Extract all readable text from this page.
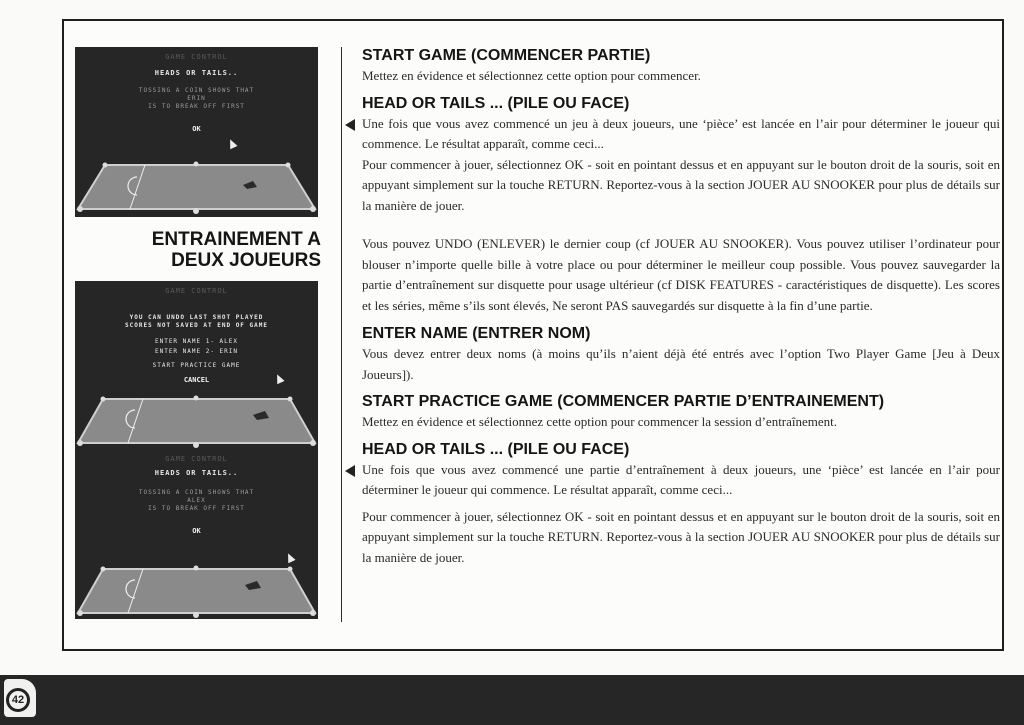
GAME CONTROL
HEADS OR TAILS..
TOSSING A COIN SHOWS THAT
ERIN
IS TO BREAK OFF FIRST
OK
ENTRAINEMENT A
DEUX JOUEURS
GAME CONTROL
YOU CAN UNDO LAST SHOT PLAYED
SCORES NOT SAVED AT END OF GAME
ENTER NAME 1- ALEX
ENTER NAME 2- ERIN
START PRACTICE GAME
CANCEL
GAME CONTROL
HEADS OR TAILS..
TOSSING A COIN SHOWS THAT
ALEX
IS TO BREAK OFF FIRST
OK
START GAME (COMMENCER PARTIE)

Mettez en évidence et sélectionnez cette option pour commencer.

HEAD OR TAILS ... (PILE OU FACE)

Une fois que vous avez commencé un jeu à deux joueurs, une ‘pièce’ est lancée en l’air pour déterminer le joueur qui commence. Le résultat apparaît, comme ceci...

Pour commencer à jouer, sélectionnez OK - soit en pointant dessus et en appuyant sur le bouton droit de la souris, soit en appuyant simplement sur la touche RETURN. Reportez-vous à la section JOUER AU SNOOKER pour plus de détails sur la manière de jouer.

Vous pouvez UNDO (ENLEVER) le dernier coup (cf JOUER AU SNOOKER). Vous pouvez utiliser l’ordinateur pour blouser n’importe quelle bille à votre place ou pour déterminer le meilleur coup possible. Vous pouvez sauvegarder la partie d’entraînement sur disquette pour usage ultérieur (cf DISK FEATURES - caractéristiques de disquette). Les scores et les séries, même s’ils sont élevés, Ne seront PAS sauvegardés sur disquette à la fin d’une partie.

ENTER NAME (ENTRER NOM)

Vous devez entrer deux noms (à moins qu’ils n’aient déjà été entrés avec l’option Two Player Game [Jeu à Deux Joueurs]).

START PRACTICE GAME (COMMENCER PARTIE D’ENTRAINEMENT)

Mettez en évidence et sélectionnez cette option pour commencer la session d’entraînement.

HEAD OR TAILS ... (PILE OU FACE)

Une fois que vous avez commencé une partie d’entraînement à deux joueurs, une ‘pièce’ est lancée en l’air pour déterminer le joueur qui commence. Le résultat apparaît, comme ceci...

Pour commencer à jouer, sélectionnez OK - soit en pointant dessus et en appuyant sur le bouton droit de la souris, soit en appuyant simplement sur la touche RETURN. Reportez-vous à la section JOUER AU SNOOKER pour plus de détails sur la manière de jouer.

42
